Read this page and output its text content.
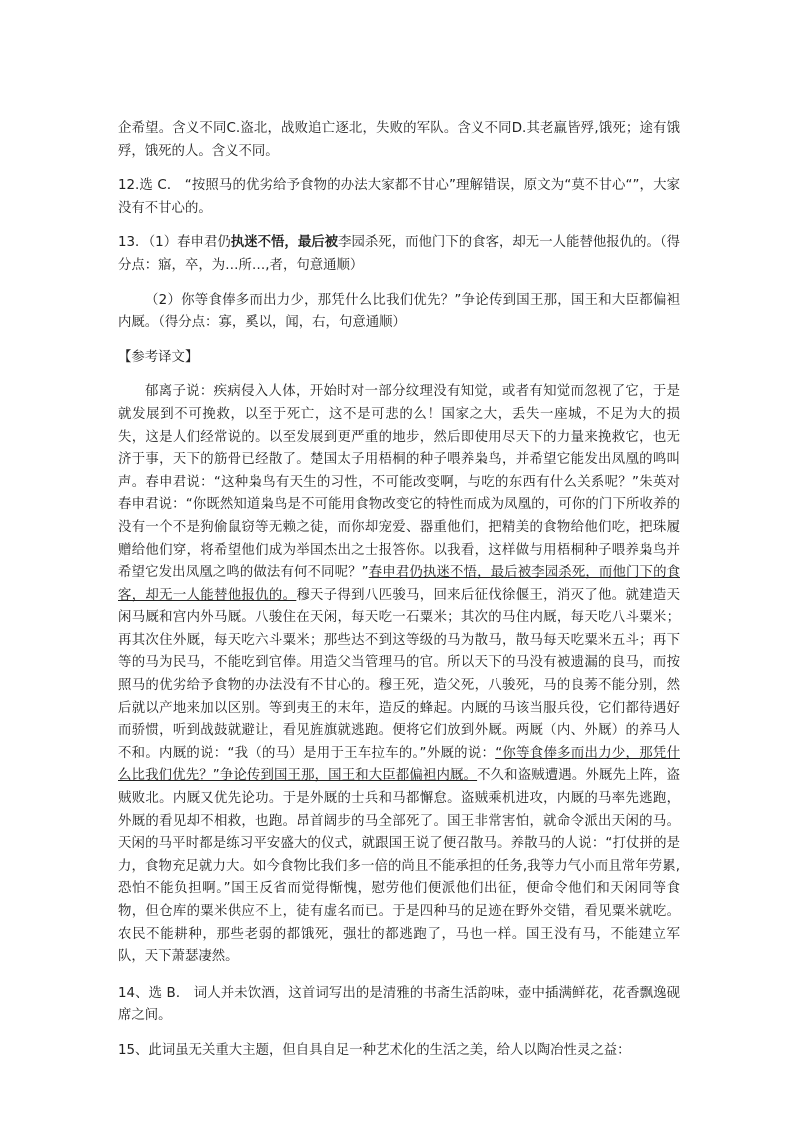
企希望。含义不同C.盗北，战败追亡逐北，失败的军队。含义不同D.其老羸皆殍,饿死；途有饿殍，饿死的人。含义不同。

12.选 C． “按照马的优劣给予食物的办法大家都不甘心”理解错误，原文为“莫不甘心“”，大家没有不甘心的。

13．（1）春申君仍执迷不悟，最后被李园杀死，而他门下的食客，却无一人能替他报仇的。（得分点：寤，卒，为…所…,者，句意通顺）

（2）你等食俸多而出力少，那凭什么比我们优先？”争论传到国王那，国王和大臣都偏袒内厩。（得分点：寡，奚以，闻，右，句意通顺）

【参考译文】

郁离子说：疾病侵入人体，开始时对一部分纹理没有知觉，或者有知觉而忽视了它，于是就发展到不可挽救，以至于死亡，这不是可悲的么！国家之大，丢失一座城，不足为大的损失，这是人们经常说的。以至发展到更严重的地步，然后即使用尽天下的力量来挽救它，也无济于事，天下的筋骨已经散了。楚国太子用梧桐的种子喂养枭鸟，并希望它能发出凤凰的鸣叫声。春申君说：“这种枭鸟有天生的习性，不可能改变啊，与吃的东西有什么关系呢？”朱英对春申君说：“你既然知道枭鸟是不可能用食物改变它的特性而成为凤凰的，可你的门下所收养的没有一个不是狗偷鼠窃等无赖之徒，而你却宠爱、器重他们，把精美的食物给他们吃，把珠履赠给他们穿，将希望他们成为举国杰出之士报答你。以我看，这样做与用梧桐种子喂养枭鸟并希望它发出凤凰之鸣的做法有何不同呢？”春申君仍执迷不悟，最后被李园杀死，而他门下的食客，却无一人能替他报仇的。穆天子得到八匹骏马，回来后征伐徐偃王，消灭了他。就建造天闲马厩和宫内外马厩。八骏住在天闲，每天吃一石粟米；其次的马住内厩，每天吃八斗粟米；再其次住外厩，每天吃六斗粟米；那些达不到这等级的马为散马，散马每天吃粟米五斗；再下等的马为民马，不能吃到官俸。用造父当管理马的官。所以天下的马没有被遗漏的良马，而按照马的优劣给予食物的办法没有不甘心的。穆王死，造父死，八骏死，马的良莠不能分别，然后就以产地来加以区别。等到夷王的末年，造反的蜂起。内厩的马该当服兵役，它们都待遇好而骄惯，听到战鼓就避让，看见旌旗就逃跑。便将它们放到外厩。两厩（内、外厩）的养马人不和。内厩的说：“我（的马）是用于王车拉车的。”外厩的说：“你等食俸多而出力少，那凭什么比我们优先？”争论传到国王那，国王和大臣都偏袒内厩。不久和盗贼遭遇。外厩先上阵，盗贼败北。内厩又优先论功。于是外厩的士兵和马都懈怠。盗贼乘机进攻，内厩的马率先逃跑，外厩的看见却不相救，也跑。昂首阔步的马全部死了。国王非常害怕，就命令派出天闲的马。天闲的马平时都是练习平安盛大的仪式，就跟国王说了便召散马。养散马的人说：“打仗拼的是力，食物充足就力大。如今食物比我们多一倍的尚且不能承担的任务,我等力气小而且常年劳累,恐怕不能负担啊。”国王反省而觉得惭愧，慰劳他们便派他们出征，便命令他们和天闲同等食物，但仓库的粟米供应不上，徒有虚名而已。于是四种马的足迹在野外交错，看见粟米就吃。农民不能耕种，那些老弱的都饿死，强壮的都逃跑了，马也一样。国王没有马，不能建立军队，天下萧瑟凄然。

14、选 B． 词人并未饮酒，这首词写出的是清雅的书斋生活韵味，壶中插满鲜花，花香飘逸砚席之间。

15、此词虽无关重大主题，但自具自足一种艺术化的生活之美，给人以陶冶性灵之益：
